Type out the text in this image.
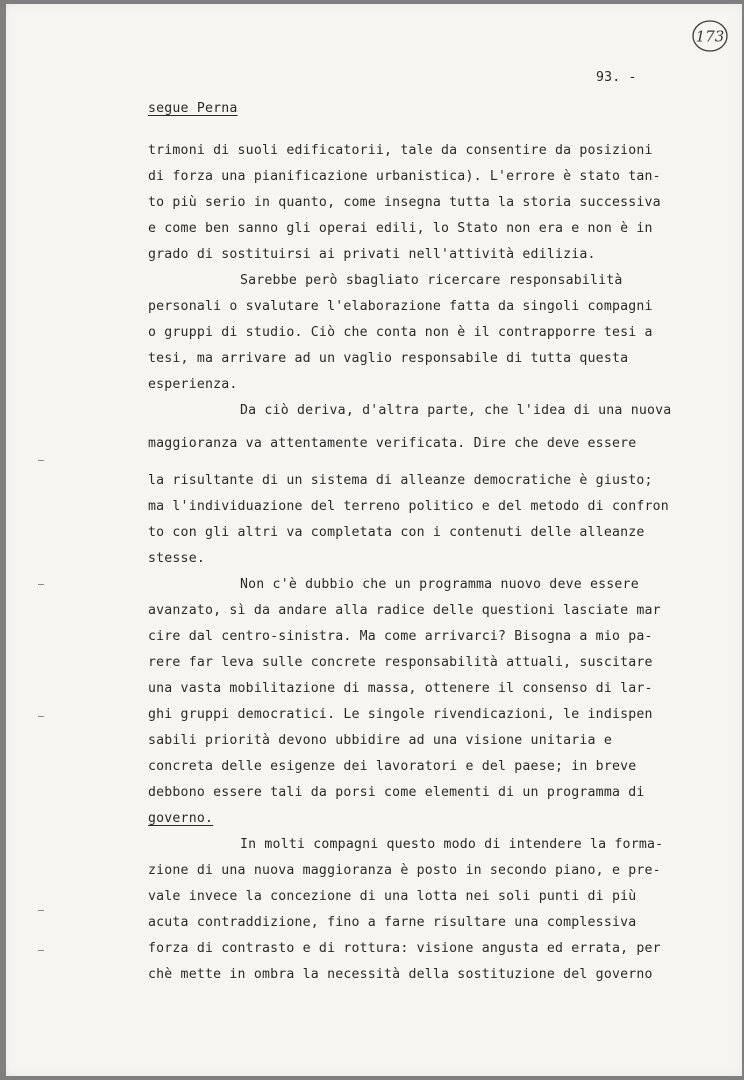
173
93. -
segue Perna
trimoni di suoli edificatorii, tale da consentire da posizioni
di forza una pianificazione urbanistica). L'errore è stato tan-
to più serio in quanto, come insegna tutta la storia successiva
e come ben sanno gli operai edili, lo Stato non era e non è in
grado di sostituirsi ai privati nell'attività edilizia.
Sarebbe però sbagliato ricercare responsabilità
personali o svalutare l'elaborazione fatta da singoli compagni
o gruppi di studio. Ciò che conta non è il contrapporre tesi a
tesi, ma arrivare ad un vaglio responsabile di tutta questa
esperienza.
Da ciò deriva, d'altra parte, che l'idea di una nuova
maggioranza va attentamente verificata. Dire che deve essere
la risultante di un sistema di alleanze democratiche è giusto;
ma l'individuazione del terreno politico e del metodo di confron
to con gli altri va completata con i contenuti delle alleanze
stesse.
Non c'è dubbio che un programma nuovo deve essere
avanzato, sì da andare alla radice delle questioni lasciate mar
cire dal centro-sinistra. Ma come arrivarci? Bisogna a mio pa-
rere far leva sulle concrete responsabilità attuali, suscitare
una vasta mobilitazione di massa, ottenere il consenso di lar-
ghi gruppi democratici. Le singole rivendicazioni, le indispen
sabili priorità devono ubbidire ad una visione unitaria e
concreta delle esigenze dei lavoratori e del paese; in breve
debbono essere tali da porsi come elementi di un programma di
governo.
In molti compagni questo modo di intendere la forma-
zione di una nuova maggioranza è posto in secondo piano, e pre-
vale invece la concezione di una lotta nei soli punti di più
acuta contraddizione, fino a farne risultare una complessiva
forza di contrasto e di rottura: visione angusta ed errata, per
chè mette in ombra la necessità della sostituzione del governo
